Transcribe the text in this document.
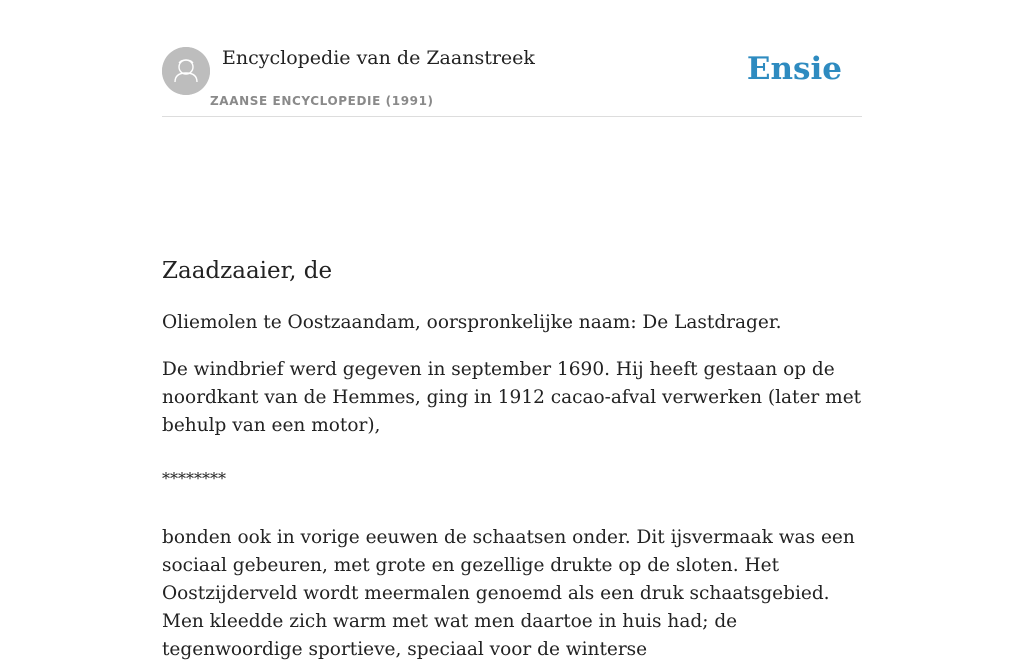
Encyclopedie van de Zaanstreek
ZAANSE ENCYCLOPEDIE (1991)
Ensie
Zaadzaaier, de

Oliemolen te Oostzaandam, oorspronkelijke naam: De Lastdrager.

De windbrief werd gegeven in september 1690. Hij heeft gestaan op de noordkant van de Hemmes, ging in 1912 cacao-afval verwerken (later met behulp van een motor),

********

bonden ook in vorige eeuwen de schaatsen onder. Dit ijsvermaak was een sociaal gebeuren, met grote en gezellige drukte op de sloten. Het Oostzijderveld wordt meermalen genoemd als een druk schaatsgebied. Men kleedde zich warm met wat men daartoe in huis had; de tegenwoordige sportieve, speciaal voor de winterse
